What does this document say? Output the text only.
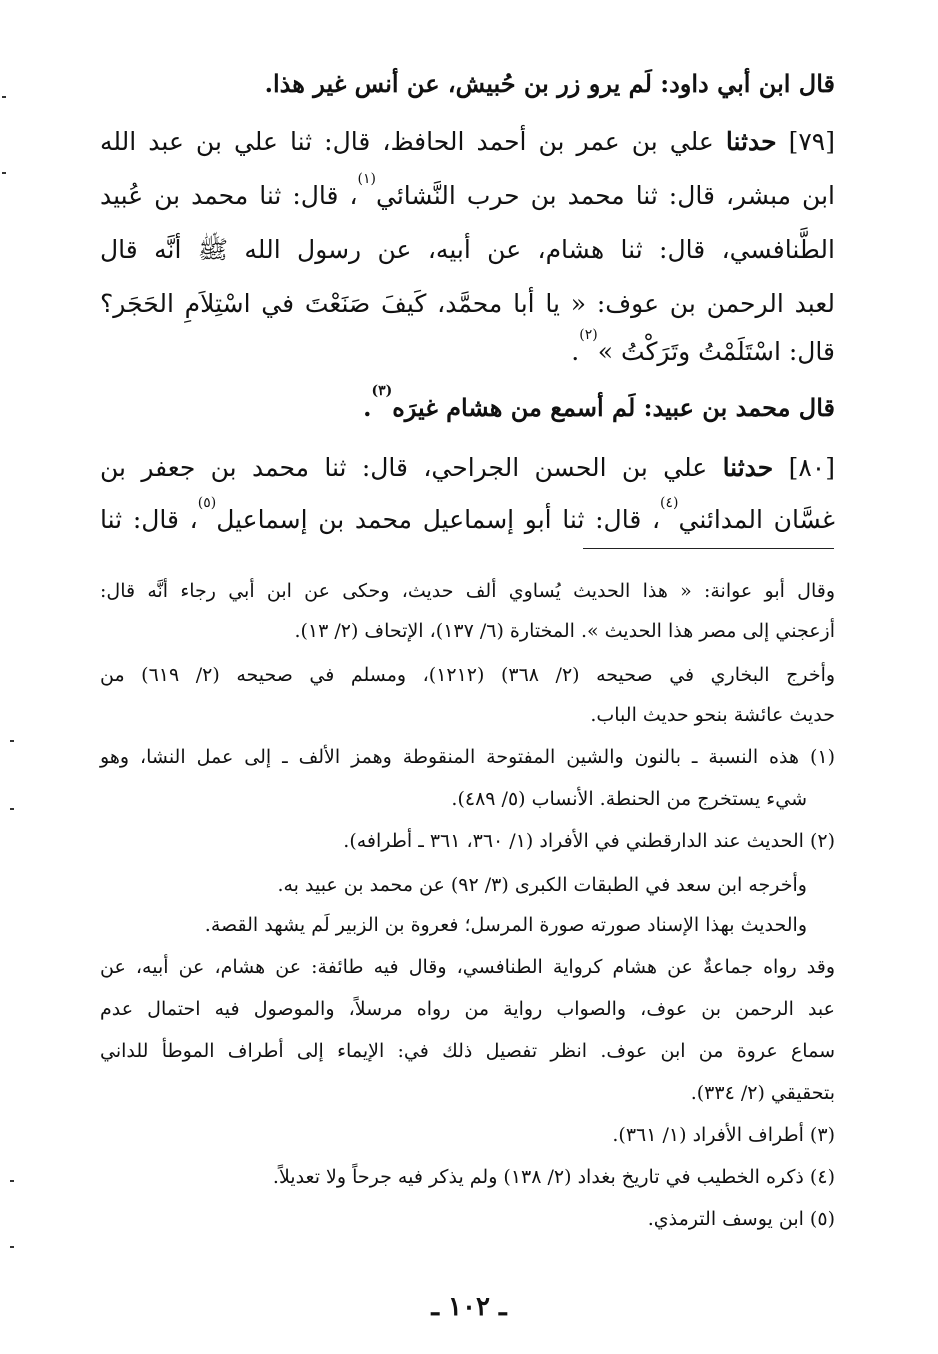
قال ابن أبي داود: لَم يرو زر بن حُبيش، عن أنس غير هذا.
[٧٩] حدثنا علي بن عمر بن أحمد الحافظ، قال: ثنا علي بن عبد الله
ابن مبشر، قال: ثنا محمد بن حرب النَّشائي$^{(١)}$، قال: ثنا محمد بن عُبيد
الطَّنافسي، قال: ثنا هشام، عن أبيه، عن رسول الله ﷺ أنَّه قال
لعبد الرحمن بن عوف: « يا أبا محمَّد، كَيفَ صَنَعْتَ في اسْتِلاَمِ الحَجَر؟
قال: اسْتَلَمْتُ وتَرَكْتُ »$^{(٢)}$.
قال محمد بن عبيد: لَم أسمع من هشام غيرَه$^{(٣)}$.
[٨٠] حدثنا علي بن الحسن الجراحي، قال: ثنا محمد بن جعفر بن
غسَّان المدائني$^{(٤)}$، قال: ثنا أبو إسماعيل محمد بن إسماعيل$^{(٥)}$، قال: ثنا
وقال أبو عوانة: « هذا الحديث يُساوي ألف حديث، وحكى عن ابن أبي رجاء أنَّه قال:
أزعجني إلى مصر هذا الحديث ». المختارة (٦/ ١٣٧)، الإتحاف (٢/ ١٣).
وأخرج البخاري في صحيحه (٢/ ٣٦٨) (١٢١٢)، ومسلم في صحيحه (٢/ ٦١٩) من
حديث عائشة بنحو حديث الباب.
(١) هذه النسبة ـ بالنون والشين المفتوحة المنقوطة وهمز الألف ـ إلى عمل النشا، وهو
شيء يستخرج من الحنطة. الأنساب (٥/ ٤٨٩).
(٢) الحديث عند الدارقطني في الأفراد (١/ ٣٦٠، ٣٦١ ـ أطرافه).
وأخرجه ابن سعد في الطبقات الكبرى (٣/ ٩٢) عن محمد بن عبيد به.
والحديث بهذا الإسناد صورته صورة المرسل؛ فعروة بن الزبير لَم يشهد القصة.
وقد رواه جماعةٌ عن هشام كرواية الطنافسي، وقال فيه طائفة: عن هشام، عن أبيه، عن
عبد الرحمن بن عوف، والصواب رواية من رواه مرسلاً، والموصول فيه احتمال عدم
سماع عروة من ابن عوف. انظر تفصيل ذلك في: الإيماء إلى أطراف الموطأ للداني
بتحقيقي (٢/ ٣٣٤).
(٣) أطراف الأفراد (١/ ٣٦١).
(٤) ذكره الخطيب في تاريخ بغداد (٢/ ١٣٨) ولم يذكر فيه جرحاً ولا تعديلاً.
(٥) ابن يوسف الترمذي.
ـ ١٠٢ ـ
